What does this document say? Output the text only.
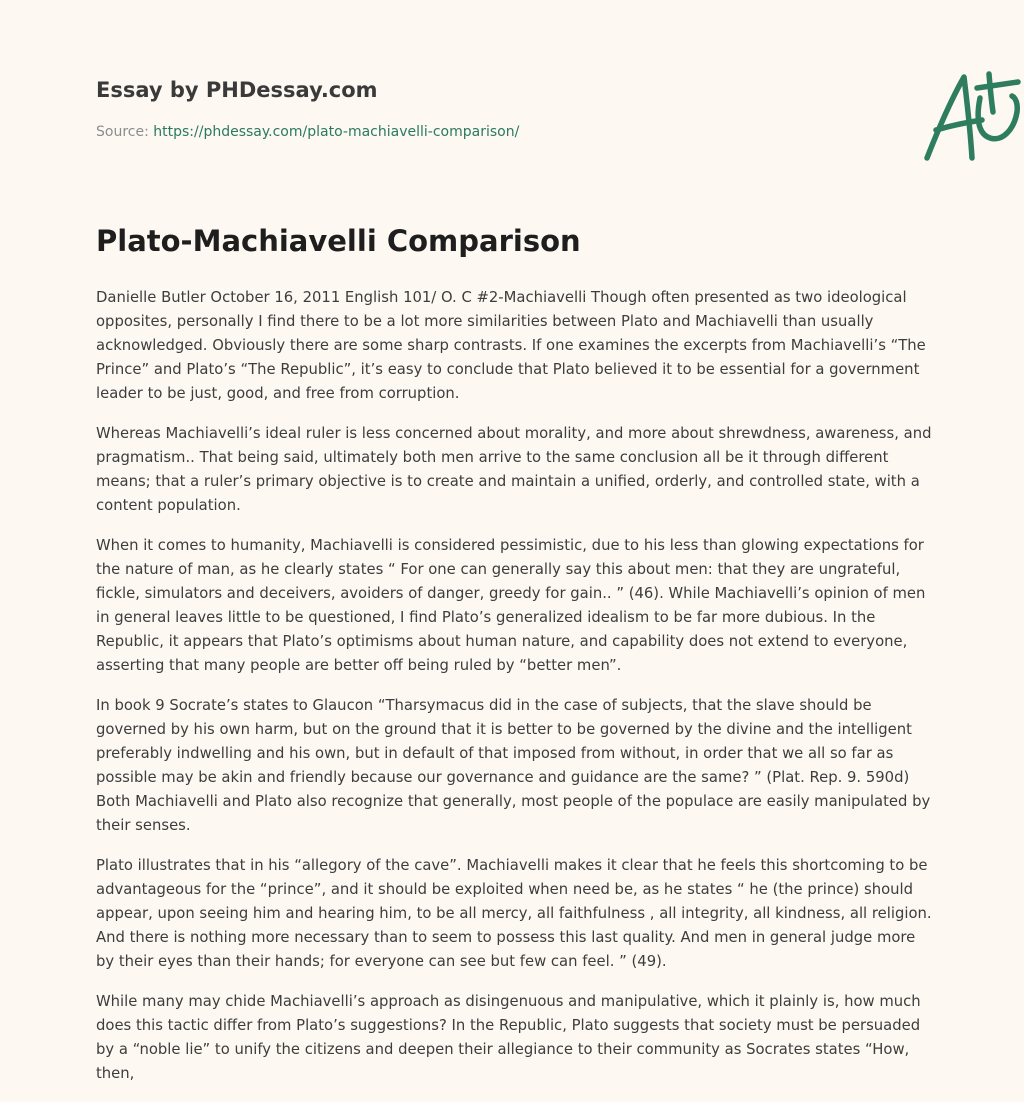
Essay by PHDessay.com
Source: https://phdessay.com/plato-machiavelli-comparison/
Plato-Machiavelli Comparison

Danielle Butler October 16, 2011 English 101/ O. C #2-Machiavelli Though often presented as two ideological opposites, personally I find there to be a lot more similarities between Plato and Machiavelli than usually acknowledged. Obviously there are some sharp contrasts. If one examines the excerpts from Machiavelli’s “The Prince” and Plato’s “The Republic”, it’s easy to conclude that Plato believed it to be essential for a government leader to be just, good, and free from corruption.

Whereas Machiavelli’s ideal ruler is less concerned about morality, and more about shrewdness, awareness, and pragmatism.. That being said, ultimately both men arrive to the same conclusion all be it through different means; that a ruler’s primary objective is to create and maintain a unified, orderly, and controlled state, with a content population.

When it comes to humanity, Machiavelli is considered pessimistic, due to his less than glowing expectations for the nature of man, as he clearly states “ For one can generally say this about men: that they are ungrateful, fickle, simulators and deceivers, avoiders of danger, greedy for gain.. ” (46). While Machiavelli’s opinion of men in general leaves little to be questioned, I find Plato’s generalized idealism to be far more dubious. In the Republic, it appears that Plato’s optimisms about human nature, and capability does not extend to everyone, asserting that many people are better off being ruled by “better men”.

In book 9 Socrate’s states to Glaucon “Tharsymacus did in the case of subjects, that the slave should be governed by his own harm, but on the ground that it is better to be governed by the divine and the intelligent preferably indwelling and his own, but in default of that imposed from without, in order that we all so far as possible may be akin and friendly because our governance and guidance are the same? ” (Plat. Rep. 9. 590d) Both Machiavelli and Plato also recognize that generally, most people of the populace are easily manipulated by their senses.

Plato illustrates that in his “allegory of the cave”. Machiavelli makes it clear that he feels this shortcoming to be advantageous for the “prince”, and it should be exploited when need be, as he states “ he (the prince) should appear, upon seeing him and hearing him, to be all mercy, all faithfulness , all integrity, all kindness, all religion. And there is nothing more necessary than to seem to possess this last quality. And men in general judge more by their eyes than their hands; for everyone can see but few can feel. ” (49).

While many may chide Machiavelli’s approach as disingenuous and manipulative, which it plainly is, how much does this tactic differ from Plato’s suggestions? In the Republic, Plato suggests that society must be persuaded by a “noble lie” to unify the citizens and deepen their allegiance to their community as Socrates states “How, then,
